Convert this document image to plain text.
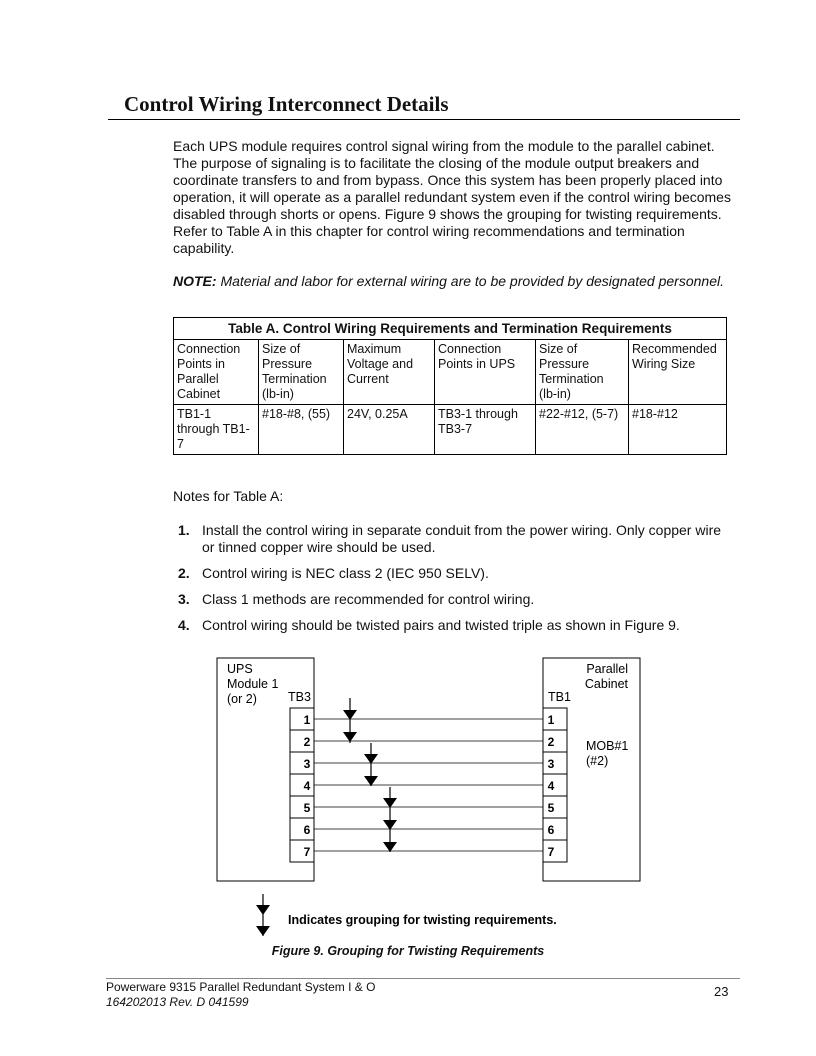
Control Wiring Interconnect Details

Each UPS module requires control signal wiring from the module to the parallel cabinet. The purpose of signaling is to facilitate the closing of the module output breakers and coordinate transfers to and from bypass. Once this system has been properly placed into operation, it will operate as a parallel redundant system even if the control wiring becomes disabled through shorts or opens. Figure 9 shows the grouping for twisting requirements. Refer to Table A in this chapter for control wiring recommendations and termination capability.

NOTE: Material and labor for external wiring are to be provided by designated personnel.

Table A. Control Wiring Requirements and Termination Requirements					
Connection Points in Parallel Cabinet	Size of Pressure Termination (lb-in)	Maximum Voltage and Current	Connection Points in UPS	Size of Pressure Termination (lb-in)	Recommended Wiring Size
TB1-1 through TB1-7	#18-#8, (55)	24V, 0.25A	TB3-1 through TB3-7	#22-#12, (5-7)	#18-#12
Notes for Table A:
1. Install the control wiring in separate conduit from the power wiring. Only copper wire or tinned copper wire should be used.
2. Control wiring is NEC class 2 (IEC 950 SELV).
3. Class 1 methods are recommended for control wiring.
4. Control wiring should be twisted pairs and twisted triple as shown in Figure 9.
UPS
Module 1
(or 2) TB3
Parallel
Cabinet
TB1
MOB#1
(#2)
1
2
3
4
5
6
7
1
2
3
4
5
6
7
Indicates grouping for twisting requirements.
Figure 9. Grouping for Twisting Requirements
Powerware 9315 Parallel Redundant System I & O
164202013 Rev. D 041599
23
